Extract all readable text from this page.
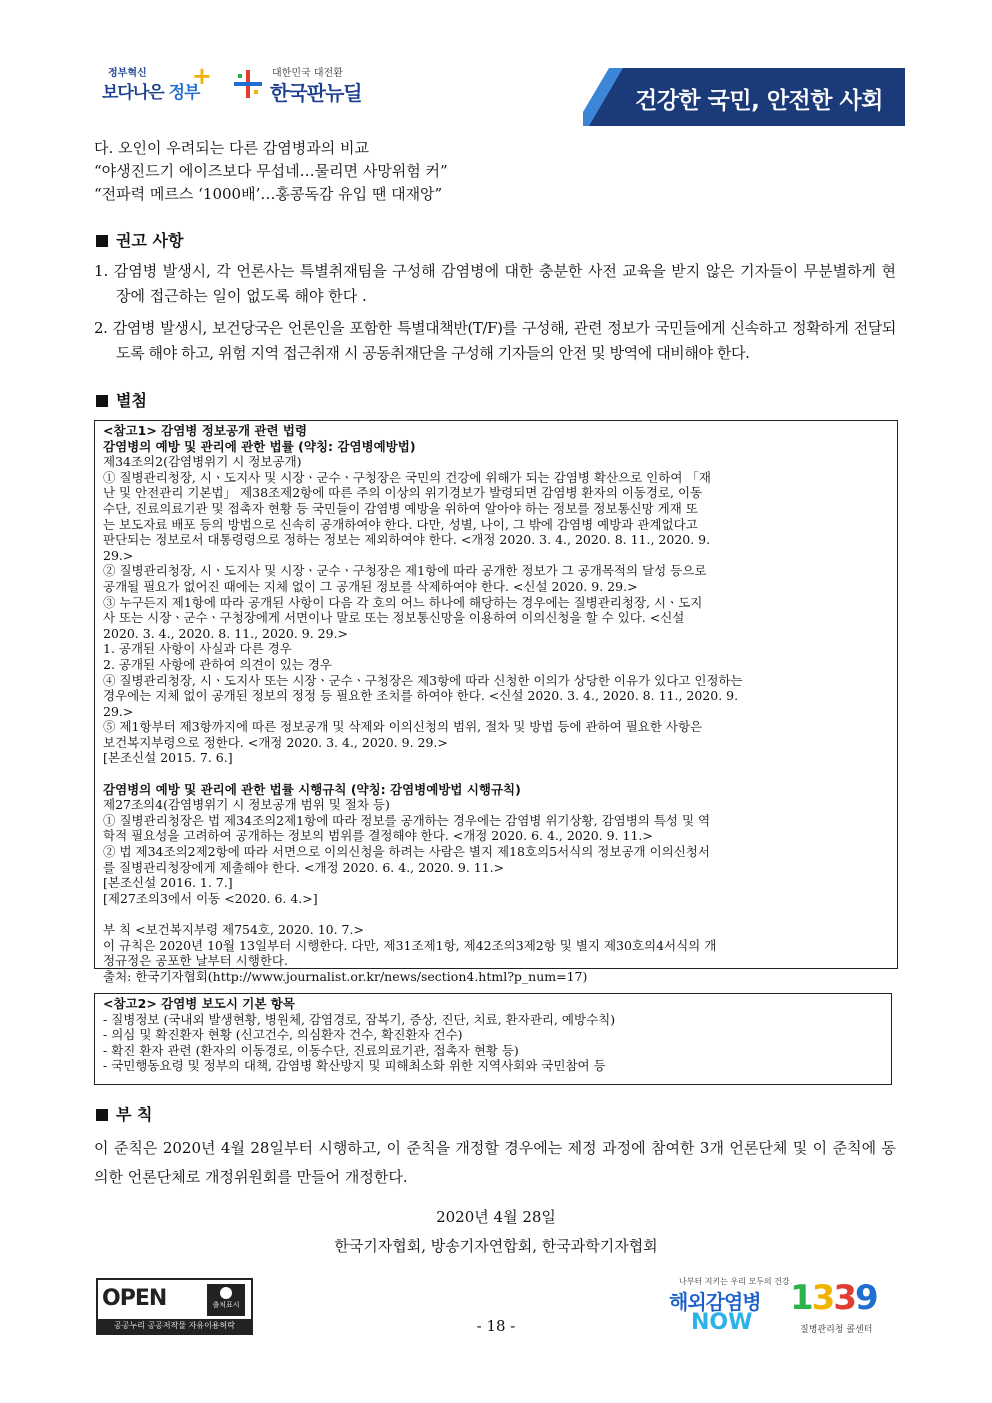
정부혁신
보다나은 정부
+	대한민국 대전환
한국판뉴딜	건강한 국민, 안전한 사회
다. 오인이 우려되는 다른 감염병과의 비교
“야생진드기 에이즈보다 무섭네…물리면 사망위험 커”
“전파력 메르스 ‘1000배’…홍콩독감 유입 땐 대재앙”
권고 사항
1. 감염병 발생시, 각 언론사는 특별취재팀을 구성해 감염병에 대한 충분한 사전 교육을 받지 않은 기자들이 무분별하게 현장에 접근하는 일이 없도록 해야 한다 .
2. 감염병 발생시, 보건당국은 언론인을 포함한 특별대책반(T/F)를 구성해, 관련 정보가 국민들에게 신속하고 정확하게 전달되도록 해야 하고, 위험 지역 접근취재 시 공동취재단을 구성해 기자들의 안전 및 방역에 대비해야 한다.
별첨
<참고1> 감염병 정보공개 관련 법령
감염병의 예방 및 관리에 관한 법률 (약칭: 감염병예방법)
제34조의2(감염병위기 시 정보공개)
① 질병관리청장, 시ㆍ도지사 및 시장ㆍ군수ㆍ구청장은 국민의 건강에 위해가 되는 감염병 확산으로 인하여 「재
난 및 안전관리 기본법」 제38조제2항에 따른 주의 이상의 위기경보가 발령되면 감염병 환자의 이동경로, 이동
수단, 진료의료기관 및 접촉자 현황 등 국민들이 감염병 예방을 위하여 알아야 하는 정보를 정보통신망 게재 또
는 보도자료 배포 등의 방법으로 신속히 공개하여야 한다. 다만, 성별, 나이, 그 밖에 감염병 예방과 관계없다고
판단되는 정보로서 대통령령으로 정하는 정보는 제외하여야 한다. <개정 2020. 3. 4., 2020. 8. 11., 2020. 9.
29.>
② 질병관리청장, 시ㆍ도지사 및 시장ㆍ군수ㆍ구청장은 제1항에 따라 공개한 정보가 그 공개목적의 달성 등으로
공개될 필요가 없어진 때에는 지체 없이 그 공개된 정보를 삭제하여야 한다. <신설 2020. 9. 29.>
③ 누구든지 제1항에 따라 공개된 사항이 다음 각 호의 어느 하나에 해당하는 경우에는 질병관리청장, 시ㆍ도지
사 또는 시장ㆍ군수ㆍ구청장에게 서면이나 말로 또는 정보통신망을 이용하여 이의신청을 할 수 있다. <신설
2020. 3. 4., 2020. 8. 11., 2020. 9. 29.>
1. 공개된 사항이 사실과 다른 경우
2. 공개된 사항에 관하여 의견이 있는 경우
④ 질병관리청장, 시ㆍ도지사 또는 시장ㆍ군수ㆍ구청장은 제3항에 따라 신청한 이의가 상당한 이유가 있다고 인정하는
경우에는 지체 없이 공개된 정보의 정정 등 필요한 조치를 하여야 한다. <신설 2020. 3. 4., 2020. 8. 11., 2020. 9.
29.>
⑤ 제1항부터 제3항까지에 따른 정보공개 및 삭제와 이의신청의 범위, 절차 및 방법 등에 관하여 필요한 사항은
보건복지부령으로 정한다. <개정 2020. 3. 4., 2020. 9. 29.>
[본조신설 2015. 7. 6.]
감염병의 예방 및 관리에 관한 법률 시행규칙 (약칭: 감염병예방법 시행규칙)
제27조의4(감염병위기 시 정보공개 범위 및 절차 등)
① 질병관리청장은 법 제34조의2제1항에 따라 정보를 공개하는 경우에는 감염병 위기상황, 감염병의 특성 및 역
학적 필요성을 고려하여 공개하는 정보의 범위를 결정해야 한다. <개정 2020. 6. 4., 2020. 9. 11.>
② 법 제34조의2제2항에 따라 서면으로 이의신청을 하려는 사람은 별지 제18호의5서식의 정보공개 이의신청서
를 질병관리청장에게 제출해야 한다. <개정 2020. 6. 4., 2020. 9. 11.>
[본조신설 2016. 1. 7.]
[제27조의3에서 이동 <2020. 6. 4.>]
부 칙 <보건복지부령 제754호, 2020. 10. 7.>
이 규칙은 2020년 10월 13일부터 시행한다. 다만, 제31조제1항, 제42조의3제2항 및 별지 제30호의4서식의 개
정규정은 공포한 날부터 시행한다.
출처: 한국기자협회(http://www.journalist.or.kr/news/section4.html?p_num=17)
<참고2> 감염병 보도시 기본 항목
- 질병정보 (국내외 발생현황, 병원체, 감염경로, 잠복기, 증상, 진단, 치료, 환자관리, 예방수칙)
- 의심 및 확진환자 현황 (신고건수, 의심환자 건수, 확진환자 건수)
- 확진 환자 관련 (환자의 이동경로, 이동수단, 진료의료기관, 접촉자 현황 등)
- 국민행동요령 및 정부의 대책, 감염병 확산방지 및 피해최소화 위한 지역사회와 국민참여 등
부 칙
이 준칙은 2020년 4월 28일부터 시행하고, 이 준칙을 개정할 경우에는 제정 과정에 참여한 3개 언론단체 및 이 준칙에 동의한 언론단체로 개정위원회를 만들어 개정한다.
2020년 4월 28일
한국기자협회, 방송기자연합회, 한국과학기자협회
OPEN	출처표시
공공누리 공공저작물 자유이용허락	- 18 -
나부터 지키는 우리 모두의 건강
해외감염병
NOW
1339
질병관리청 콜센터
